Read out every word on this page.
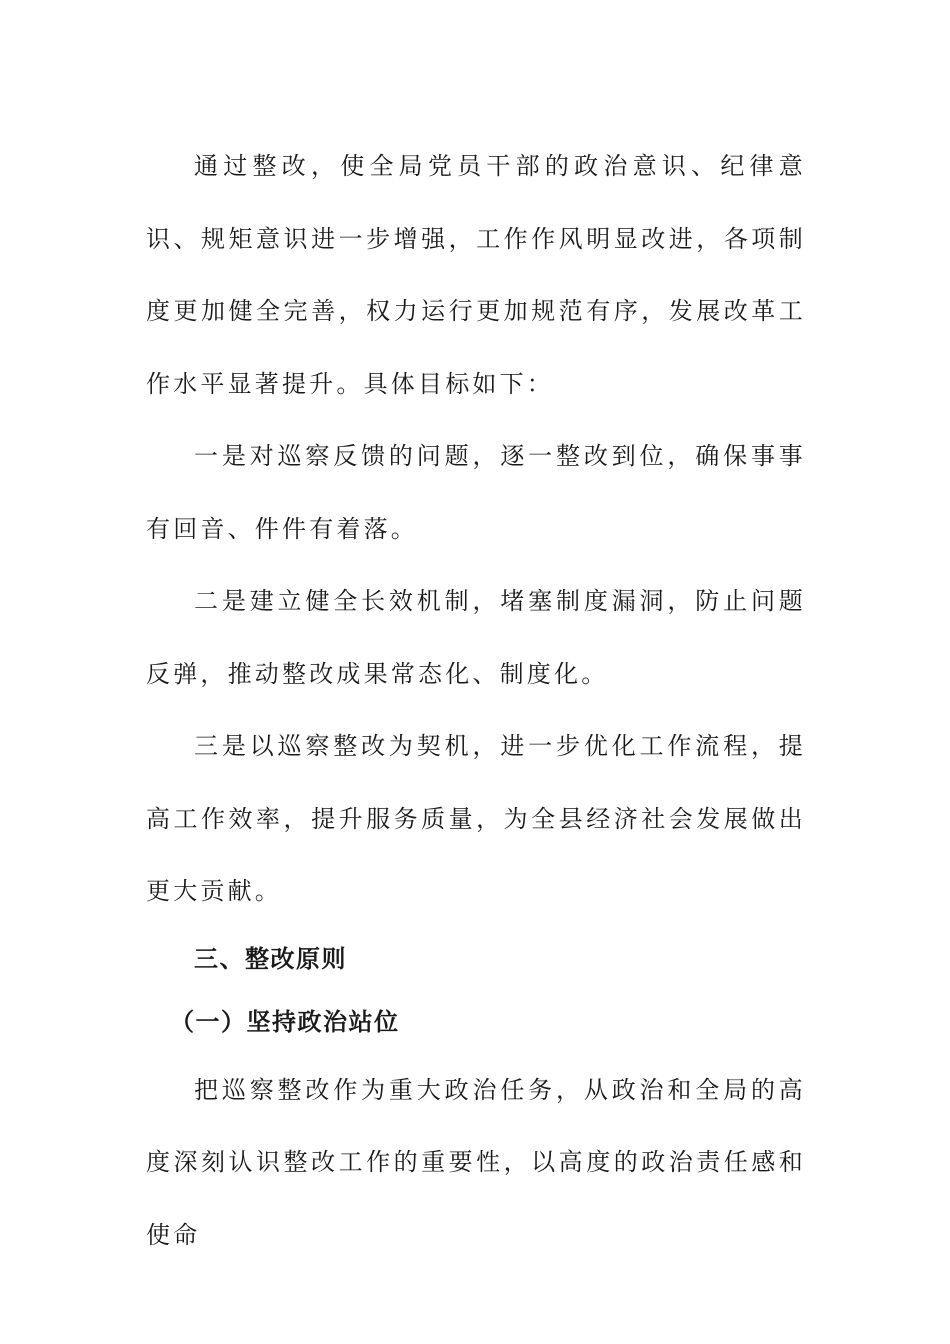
通过整改，使全局党员干部的政治意识、纪律意识、规矩意识进一步增强，工作作风明显改进，各项制度更加健全完善，权力运行更加规范有序，发展改革工作水平显著提升。具体目标如下：

一是对巡察反馈的问题，逐一整改到位，确保事事有回音、件件有着落。

二是建立健全长效机制，堵塞制度漏洞，防止问题反弹，推动整改成果常态化、制度化。

三是以巡察整改为契机，进一步优化工作流程，提高工作效率，提升服务质量，为全县经济社会发展做出更大贡献。

三、整改原则
（一）坚持政治站位

把巡察整改作为重大政治任务，从政治和全局的高度深刻认识整改工作的重要性，以高度的政治责任感和使命
